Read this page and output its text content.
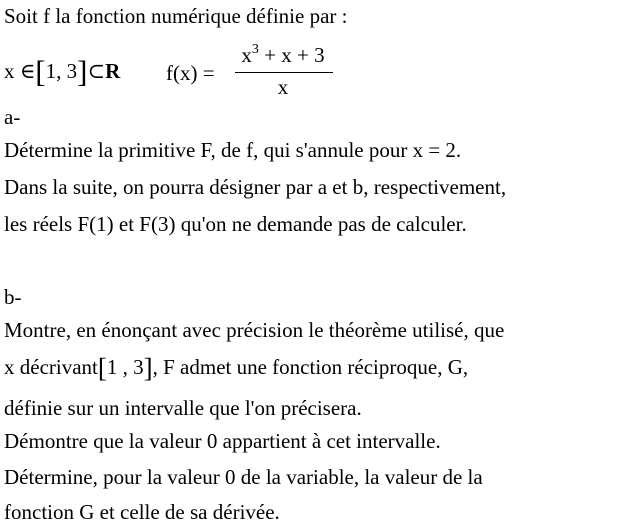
Soit f la fonction numérique définie par :
x ∈[1, 3]⊂R f(x) =
$x^3 + x + 3$
x
a-
Détermine la primitive F, de f, qui s'annule pour x = 2.
Dans la suite, on pourra désigner par a et b, respectivement,
les réels F(1) et F(3) qu'on ne demande pas de calculer.
b-
Montre, en énonçant avec précision le théorème utilisé, que
x décrivant[1 , 3], F admet une fonction réciproque, G,
définie sur un intervalle que l'on précisera.
Démontre que la valeur 0 appartient à cet intervalle.
Détermine, pour la valeur 0 de la variable, la valeur de la
fonction G et celle de sa dérivée.
